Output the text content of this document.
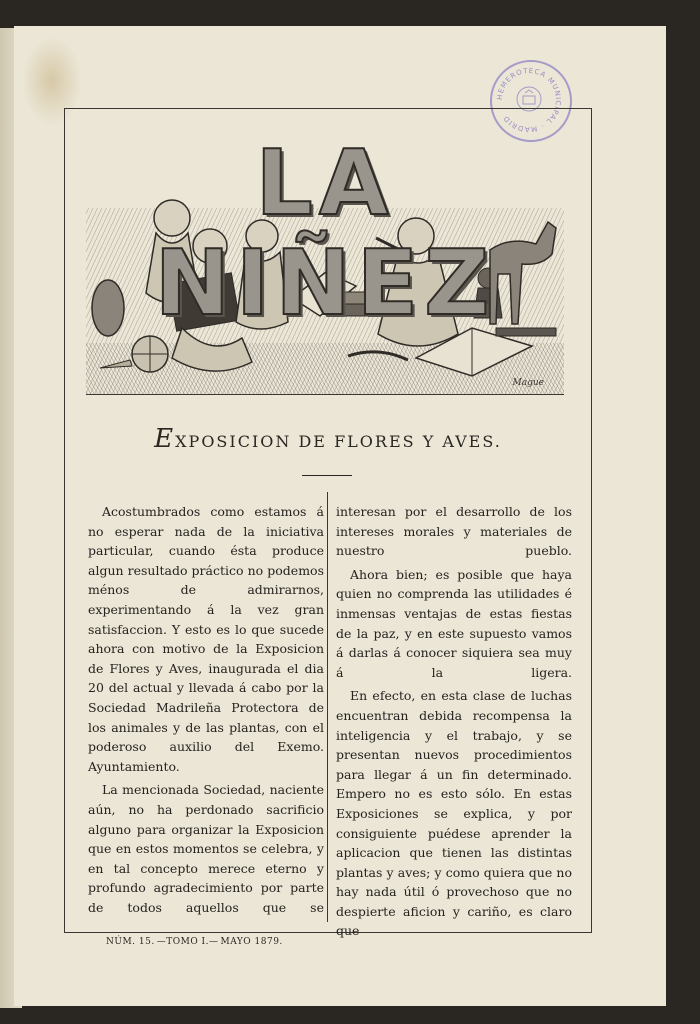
HEMEROTECA MUNICIPAL · MADRID
LA NIÑEZ
Mague
EXPOSICION DE FLORES Y AVES.

Acostumbrados como estamos á no esperar nada de la iniciativa particular, cuando ésta produce algun resultado práctico no podemos ménos de admirarnos, experimentando á la vez gran satisfaccion. Y esto es lo que sucede ahora con motivo de la Exposicion de Flores y Aves, inaugurada el dia 20 del actual y llevada á cabo por la Sociedad Madrileña Protectora de los animales y de las plantas, con el poderoso auxilio del Exemo. Ayuntamiento.

La mencionada Sociedad, naciente aún, no ha perdonado sacrificio alguno para organizar la Exposicion que en estos momentos se celebra, y en tal concepto merece eterno y profundo agradecimiento por parte de todos aquellos que se

interesan por el desarrollo de los intereses morales y materiales de nuestro pueblo.

Ahora bien; es posible que haya quien no comprenda las utilidades é inmensas ventajas de estas fiestas de la paz, y en este supuesto vamos á darlas á conocer siquiera sea muy á la ligera.

En efecto, en esta clase de luchas encuentran debida recompensa la inteligencia y el trabajo, y se presentan nuevos procedimientos para llegar á un fin determinado. Empero no es esto sólo. En estas Exposiciones se explica, y por consiguiente puédese aprender la aplicacion que tienen las distintas plantas y aves; y como quiera que no hay nada útil ó provechoso que no despierte aficion y cariño, es claro que

NÚM. 15. —TOMO I.— MAYO 1879.
